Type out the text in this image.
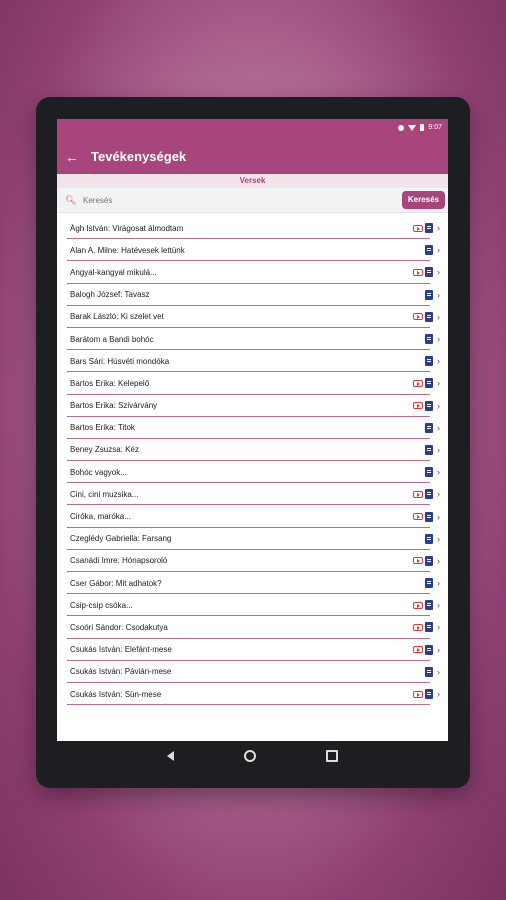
9:07
← Tevékenységek
Versek
🔍︎
Keresés	Keresés
Ágh István: Virágosat álmodtam	›
Alan A. Milne: Hatévesek lettünk	›
Angyal-kangyal mikulá...	›
Balogh József: Tavasz	›
Barak László: Ki szelet vet	›
Barátom a Bandi bohóc	›
Bars Sári: Húsvéti mondóka	›
Bartos Erika: Kelepelő	›
Bartos Erika: Szivárvány	›
Bartos Erika: Titok	›
Beney Zsuzsa: Kéz	›
Bohóc vagyok...	›
Cini, cini muzsika...	›
Cirókа, marókа...	›
Czeglédy Gabriella: Farsang	›
Csanádi Imre: Hónapsoroló	›
Cser Gábor: Mit adhatok?	›
Csip-csip csóka...	›
Csoóri Sándor: Csodakutya	›
Csukás István: Elefánt-mese	›
Csukás István: Pávián-mese	›
Csukás István: Sün-mese	›
